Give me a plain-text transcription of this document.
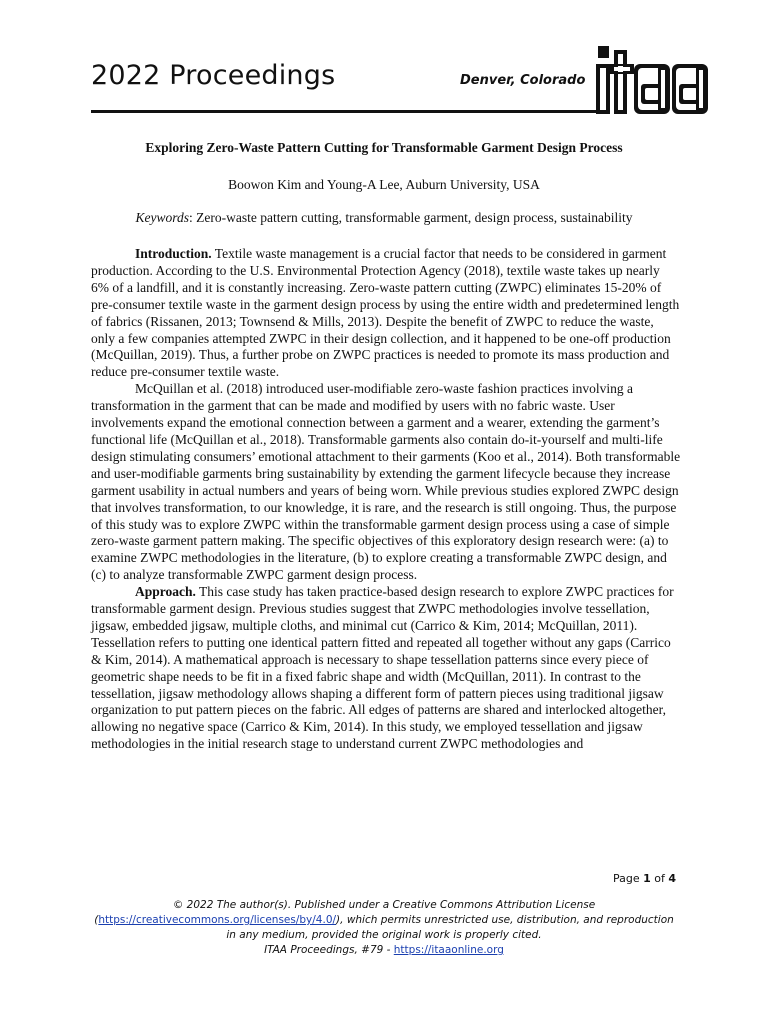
2022 Proceedings	Denver, Colorado
Exploring Zero-Waste Pattern Cutting for Transformable Garment Design Process
Boowon Kim and Young-A Lee, Auburn University, USA
Keywords: Zero-waste pattern cutting, transformable garment, design process, sustainability

Introduction. Textile waste management is a crucial factor that needs to be considered in garment production. According to the U.S. Environmental Protection Agency (2018), textile waste takes up nearly 6% of a landfill, and it is constantly increasing. Zero-waste pattern cutting (ZWPC) eliminates 15-20% of pre-consumer textile waste in the garment design process by using the entire width and predetermined length of fabrics (Rissanen, 2013; Townsend & Mills, 2013). Despite the benefit of ZWPC to reduce the waste, only a few companies attempted ZWPC in their design collection, and it happened to be one-off production (McQuillan, 2019). Thus, a further probe on ZWPC practices is needed to promote its mass production and reduce pre-consumer textile waste.

McQuillan et al. (2018) introduced user-modifiable zero-waste fashion practices involving a transformation in the garment that can be made and modified by users with no fabric waste. User involvements expand the emotional connection between a garment and a wearer, extending the garment’s functional life (McQuillan et al., 2018). Transformable garments also contain do-it-yourself and multi-life design stimulating consumers’ emotional attachment to their garments (Koo et al., 2014). Both transformable and user-modifiable garments bring sustainability by extending the garment lifecycle because they increase garment usability in actual numbers and years of being worn. While previous studies explored ZWPC design that involves transformation, to our knowledge, it is rare, and the research is still ongoing. Thus, the purpose of this study was to explore ZWPC within the transformable garment design process using a case of simple zero-waste garment pattern making. The specific objectives of this exploratory design research were: (a) to examine ZWPC methodologies in the literature, (b) to explore creating a transformable ZWPC design, and (c) to analyze transformable ZWPC garment design process.

Approach. This case study has taken practice-based design research to explore ZWPC practices for transformable garment design. Previous studies suggest that ZWPC methodologies involve tessellation, jigsaw, embedded jigsaw, multiple cloths, and minimal cut (Carrico & Kim, 2014; McQuillan, 2011). Tessellation refers to putting one identical pattern fitted and repeated all together without any gaps (Carrico & Kim, 2014). A mathematical approach is necessary to shape tessellation patterns since every piece of geometric shape needs to be fit in a fixed fabric shape and width (McQuillan, 2011). In contrast to the tessellation, jigsaw methodology allows shaping a different form of pattern pieces using traditional jigsaw organization to put pattern pieces on the fabric. All edges of patterns are shared and interlocked altogether, allowing no negative space (Carrico & Kim, 2014). In this study, we employed tessellation and jigsaw methodologies in the initial research stage to understand current ZWPC methodologies and

Page 1 of 4
© 2022 The author(s). Published under a Creative Commons Attribution License
(https://creativecommons.org/licenses/by/4.0/), which permits unrestricted use, distribution, and reproduction
in any medium, provided the original work is properly cited.
ITAA Proceedings, #79 - https://itaaonline.org
